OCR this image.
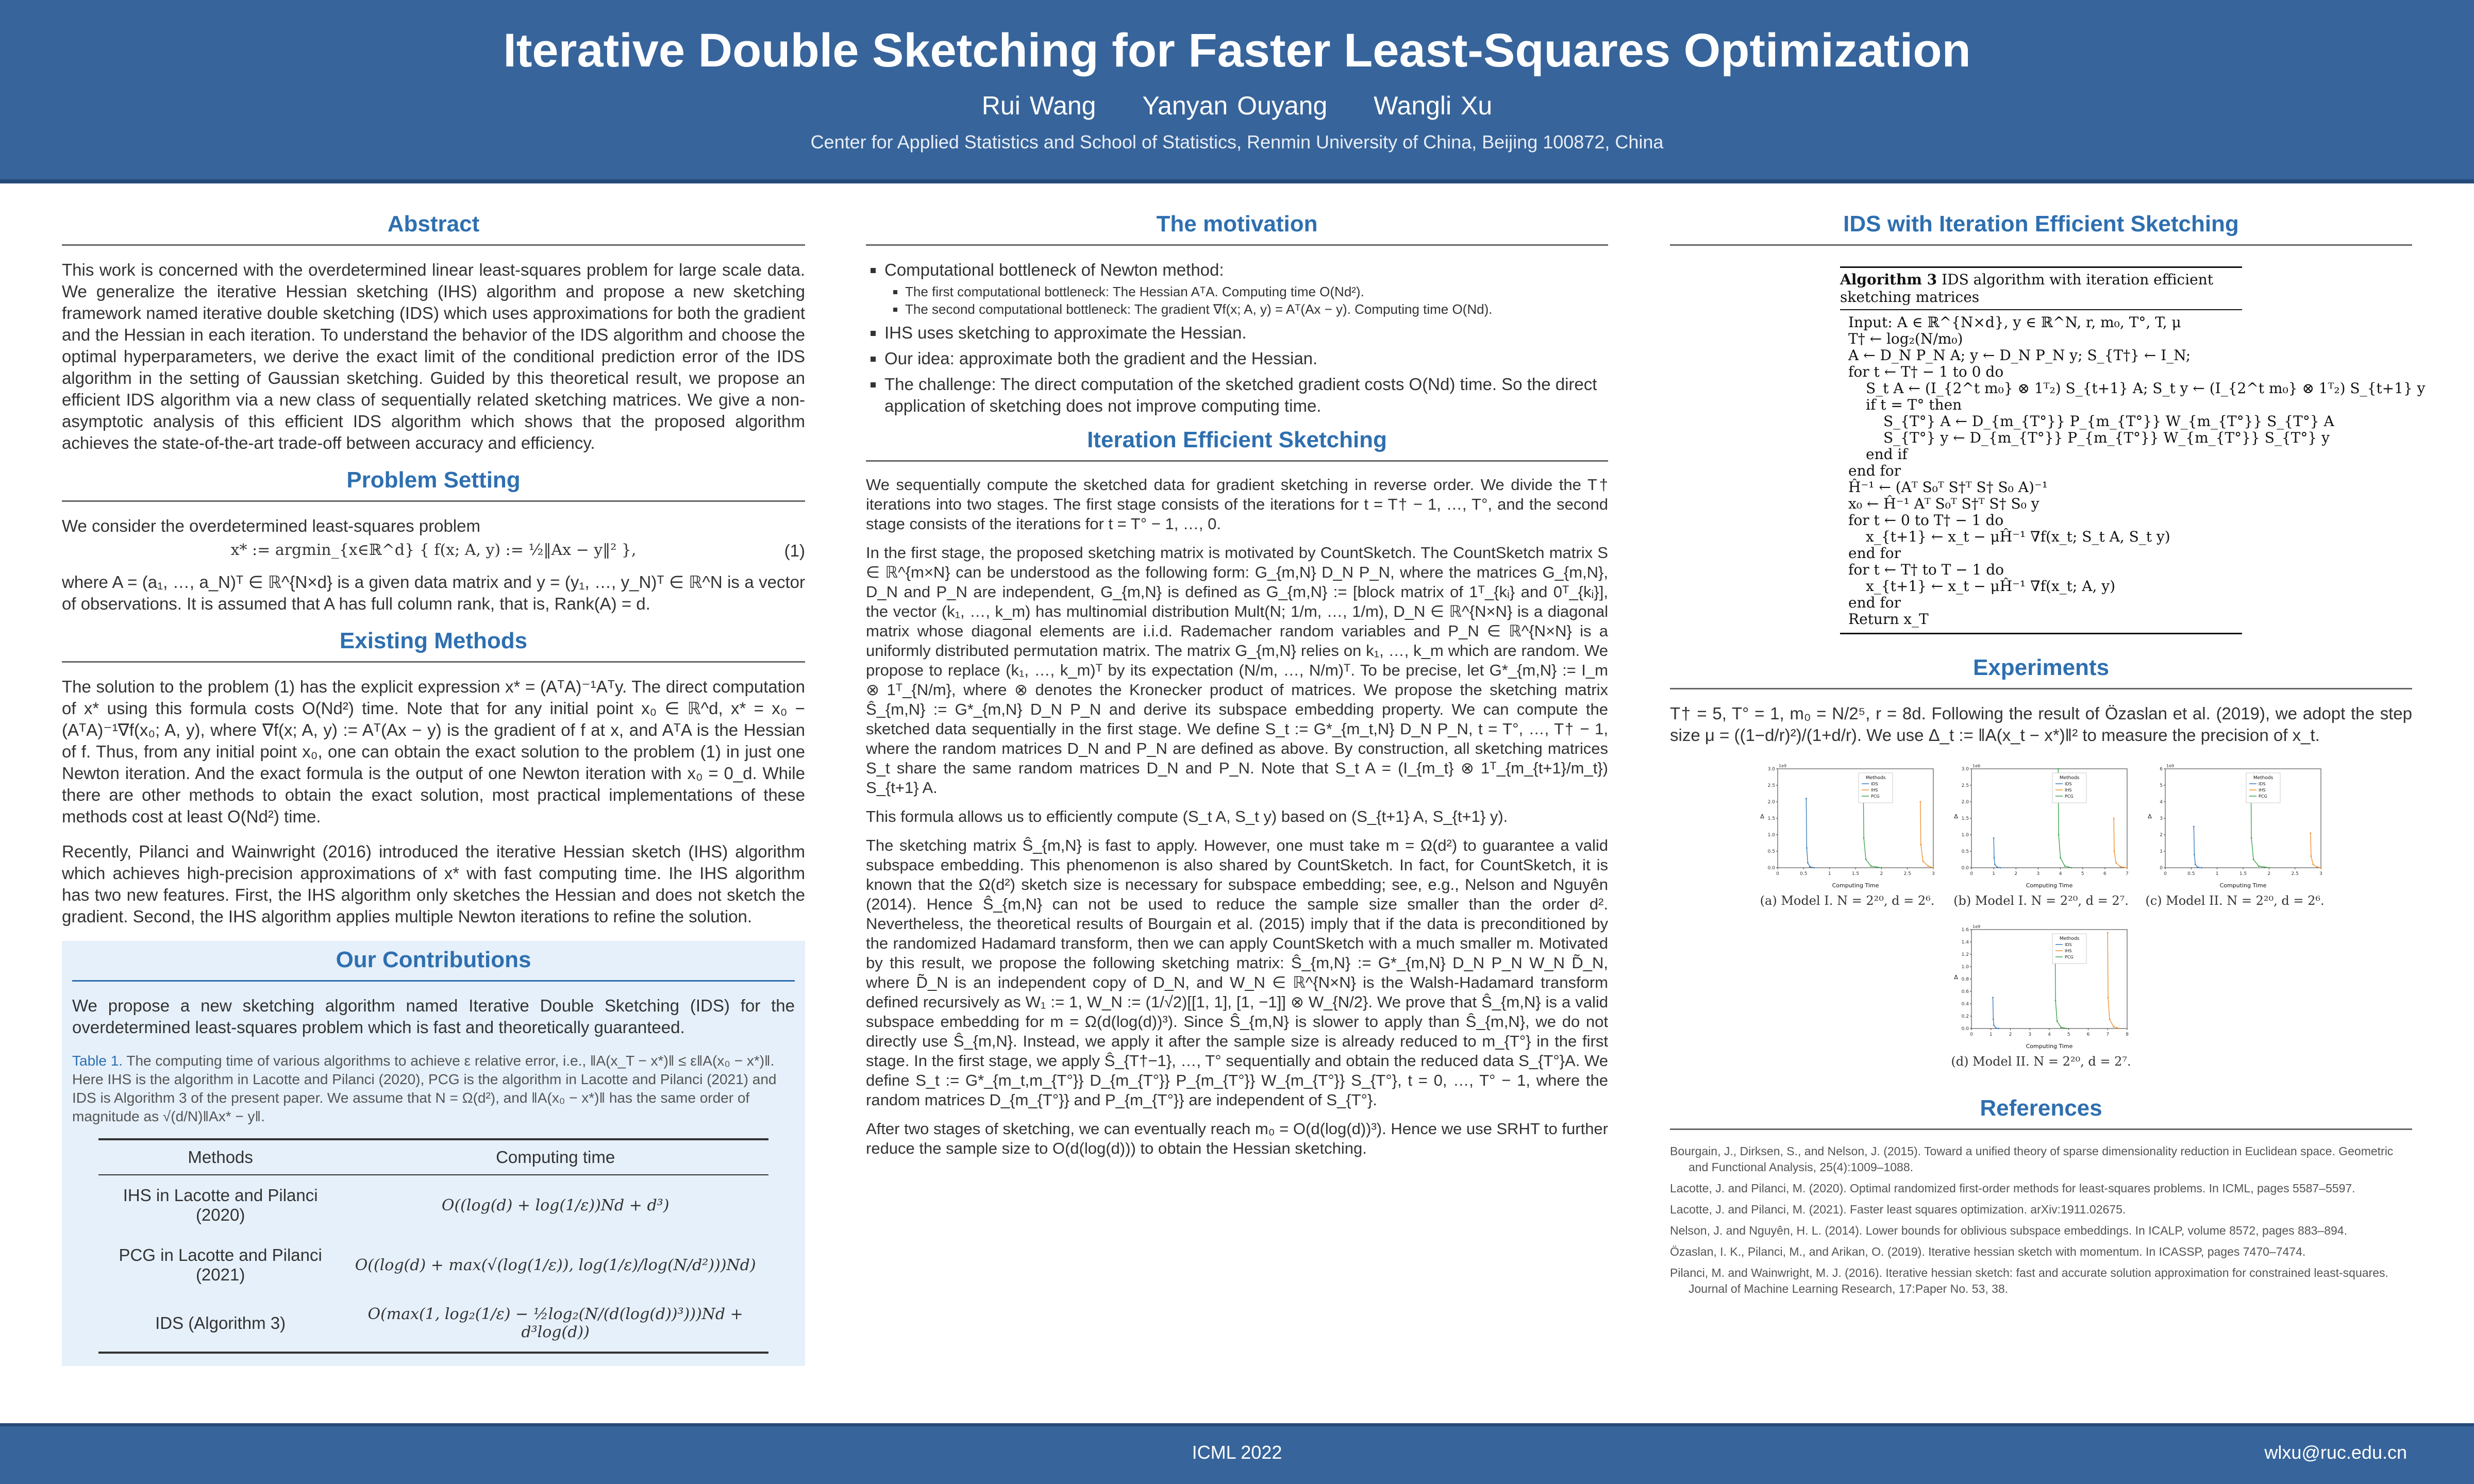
Iterative Double Sketching for Faster Least-Squares Optimization
Rui Wang Yanyan Ouyang Wangli Xu
Center for Applied Statistics and School of Statistics, Renmin University of China, Beijing 100872, China
Abstract

This work is concerned with the overdetermined linear least-squares problem for large scale data. We generalize the iterative Hessian sketching (IHS) algorithm and propose a new sketching framework named iterative double sketching (IDS) which uses approximations for both the gradient and the Hessian in each iteration. To understand the behavior of the IDS algorithm and choose the optimal hyperparameters, we derive the exact limit of the conditional prediction error of the IDS algorithm in the setting of Gaussian sketching. Guided by this theoretical result, we propose an efficient IDS algorithm via a new class of sequentially related sketching matrices. We give a non-asymptotic analysis of this efficient IDS algorithm which shows that the proposed algorithm achieves the state-of-the-art trade-off between accuracy and efficiency.

Problem Setting

We consider the overdetermined least-squares problem

x* := argmin_{x∈ℝ^d} { f(x; A, y) := ½‖Ax − y‖² },	(1)

where A = (a₁, …, a_N)ᵀ ∈ ℝ^{N×d} is a given data matrix and y = (y₁, …, y_N)ᵀ ∈ ℝ^N is a vector of observations. It is assumed that A has full column rank, that is, Rank(A) = d.

Existing Methods

The solution to the problem (1) has the explicit expression x* = (AᵀA)⁻¹Aᵀy. The direct computation of x* using this formula costs O(Nd²) time. Note that for any initial point x₀ ∈ ℝ^d, x* = x₀ − (AᵀA)⁻¹∇f(x₀; A, y), where ∇f(x; A, y) := Aᵀ(Ax − y) is the gradient of f at x, and AᵀA is the Hessian of f. Thus, from any initial point x₀, one can obtain the exact solution to the problem (1) in just one Newton iteration. And the exact formula is the output of one Newton iteration with x₀ = 0_d. While there are other methods to obtain the exact solution, most practical implementations of these methods cost at least O(Nd²) time.

Recently, Pilanci and Wainwright (2016) introduced the iterative Hessian sketch (IHS) algorithm which achieves high-precision approximations of x* with fast computing time. Ihe IHS algorithm has two new features. First, the IHS algorithm only sketches the Hessian and does not sketch the gradient. Second, the IHS algorithm applies multiple Newton iterations to refine the solution.

Our Contributions

We propose a new sketching algorithm named Iterative Double Sketching (IDS) for the overdetermined least-squares problem which is fast and theoretically guaranteed.

Table 1. The computing time of various algorithms to achieve ε relative error, i.e., ‖A(x_T − x*)‖ ≤ ε‖A(x₀ − x*)‖. Here IHS is the algorithm in Lacotte and Pilanci (2020), PCG is the algorithm in Lacotte and Pilanci (2021) and IDS is Algorithm 3 of the present paper. We assume that N = Ω(d²), and ‖A(x₀ − x*)‖ has the same order of magnitude as √(d/N)‖Ax* − y‖.
Methods	Computing time
IHS in Lacotte and Pilanci (2020)	O((log(d) + log(1/ε))Nd + d³)
PCG in Lacotte and Pilanci (2021)	O((log(d) + max(√(log(1/ε)), log(1/ε)/log(N/d²)))Nd)
IDS (Algorithm 3)	O(max(1, log₂(1/ε) − ½log₂(N/(d(log(d))³)))Nd + d³log(d))
The motivation
▪ Computational bottleneck of Newton method:
▪ The first computational bottleneck: The Hessian AᵀA. Computing time O(Nd²).
▪ The second computational bottleneck: The gradient ∇f(x; A, y) = Aᵀ(Ax − y). Computing time O(Nd).
▪ IHS uses sketching to approximate the Hessian.
▪ Our idea: approximate both the gradient and the Hessian.
▪ The challenge: The direct computation of the sketched gradient costs O(Nd) time. So the direct application of sketching does not improve computing time.
Iteration Efficient Sketching

We sequentially compute the sketched data for gradient sketching in reverse order. We divide the T† iterations into two stages. The first stage consists of the iterations for t = T† − 1, …, T°, and the second stage consists of the iterations for t = T° − 1, …, 0.

In the first stage, the proposed sketching matrix is motivated by CountSketch. The CountSketch matrix S ∈ ℝ^{m×N} can be understood as the following form: G_{m,N} D_N P_N, where the matrices G_{m,N}, D_N and P_N are independent, G_{m,N} is defined as G_{m,N} := [block matrix of 1ᵀ_{kᵢ} and 0ᵀ_{kᵢ}], the vector (k₁, …, k_m) has multinomial distribution Mult(N; 1/m, …, 1/m), D_N ∈ ℝ^{N×N} is a diagonal matrix whose diagonal elements are i.i.d. Rademacher random variables and P_N ∈ ℝ^{N×N} is a uniformly distributed permutation matrix. The matrix G_{m,N} relies on k₁, …, k_m which are random. We propose to replace (k₁, …, k_m)ᵀ by its expectation (N/m, …, N/m)ᵀ. To be precise, let G*_{m,N} := I_m ⊗ 1ᵀ_{N/m}, where ⊗ denotes the Kronecker product of matrices. We propose the sketching matrix Ŝ_{m,N} := G*_{m,N} D_N P_N and derive its subspace embedding property. We can compute the sketched data sequentially in the first stage. We define S_t := G*_{m_t,N} D_N P_N, t = T°, …, T† − 1, where the random matrices D_N and P_N are defined as above. By construction, all sketching matrices S_t share the same random matrices D_N and P_N. Note that S_t A = (I_{m_t} ⊗ 1ᵀ_{m_{t+1}/m_t}) S_{t+1} A.

This formula allows us to efficiently compute (S_t A, S_t y) based on (S_{t+1} A, S_{t+1} y).

The sketching matrix Ŝ_{m,N} is fast to apply. However, one must take m = Ω(d²) to guarantee a valid subspace embedding. This phenomenon is also shared by CountSketch. In fact, for CountSketch, it is known that the Ω(d²) sketch size is necessary for subspace embedding; see, e.g., Nelson and Nguyên (2014). Hence Ŝ_{m,N} can not be used to reduce the sample size smaller than the order d². Nevertheless, the theoretical results of Bourgain et al. (2015) imply that if the data is preconditioned by the randomized Hadamard transform, then we can apply CountSketch with a much smaller m. Motivated by this result, we propose the following sketching matrix: Ŝ_{m,N} := G*_{m,N} D_N P_N W_N D̃_N, where D̃_N is an independent copy of D_N, and W_N ∈ ℝ^{N×N} is the Walsh-Hadamard transform defined recursively as W₁ := 1, W_N := (1/√2)[[1, 1], [1, −1]] ⊗ W_{N/2}. We prove that Ŝ_{m,N} is a valid subspace embedding for m = Ω(d(log(d))³). Since Ŝ_{m,N} is slower to apply than Ŝ_{m,N}, we do not directly use Ŝ_{m,N}. Instead, we apply it after the sample size is already reduced to m_{T°} in the first stage. In the first stage, we apply Ŝ_{T†−1}, …, T° sequentially and obtain the reduced data S_{T°}A. We define S_t := G*_{m_t,m_{T°}} D_{m_{T°}} P_{m_{T°}} W_{m_{T°}} S_{T°}, t = 0, …, T° − 1, where the random matrices D_{m_{T°}} and P_{m_{T°}} are independent of S_{T°}.

After two stages of sketching, we can eventually reach m₀ = O(d(log(d))³). Hence we use SRHT to further reduce the sample size to O(d(log(d))) to obtain the Hessian sketching.

IDS with Iteration Efficient Sketching
Algorithm 3 IDS algorithm with iteration efficient sketching matrices
Input: A ∈ ℝ^{N×d}, y ∈ ℝ^N, r, m₀, T°, T, μ
T† ← log₂(N/m₀)
A ← D_N P_N A; y ← D_N P_N y; S_{T†} ← I_N;
for t ← T† − 1 to 0 do
S_t A ← (I_{2^t m₀} ⊗ 1ᵀ₂) S_{t+1} A; S_t y ← (I_{2^t m₀} ⊗ 1ᵀ₂) S_{t+1} y
if t = T° then
S_{T°} A ← D_{m_{T°}} P_{m_{T°}} W_{m_{T°}} S_{T°} A
S_{T°} y ← D_{m_{T°}} P_{m_{T°}} W_{m_{T°}} S_{T°} y
end if
end for
Ĥ⁻¹ ← (Aᵀ S₀ᵀ S†ᵀ S† S₀ A)⁻¹
x₀ ← Ĥ⁻¹ Aᵀ S₀ᵀ S†ᵀ S† S₀ y
for t ← 0 to T† − 1 do
x_{t+1} ← x_t − μĤ⁻¹ ∇f(x_t; S_t A, S_t y)
end for
for t ← T† to T − 1 do
x_{t+1} ← x_t − μĤ⁻¹ ∇f(x_t; A, y)
end for
Return x_T
Experiments

T† = 5, T° = 1, m₀ = N/2⁵, r = 8d. Following the result of Özaslan et al. (2019), we adopt the step size μ = ((1−d/r)²)/(1+d/r). We use Δ_t := ‖A(x_t − x*)‖² to measure the precision of x_t.

0.0
0.5
1.0
1.5
2.0
2.5
3.0
0	0.5	1	1.5	2	2.5	3
1e9
Computing Time
Δ
Methods
IDS
IHS
PCG
(a) Model I. N = 2²⁰, d = 2⁶.
0.0
0.5
1.0
1.5
2.0
2.5
3.0
0	1	2	3	4	5	6	7
1e6
Computing Time
Δ
Methods
IDS
IHS
PCG
(b) Model I. N = 2²⁰, d = 2⁷.
0
1
2
3
4
5
6
0	0.5	1	1.5	2	2.5	3
1e9
Computing Time
Δ
Methods
IDS
IHS
PCG
(c) Model II. N = 2²⁰, d = 2⁶.
0.0
0.2
0.4
0.6
0.8
1.0
1.2
1.4
1.6
0	1	2	3	4	5	6	7	8
1e9
Computing Time
Δ
Methods
IDS
IHS
PCG
(d) Model II. N = 2²⁰, d = 2⁷.
References

Bourgain, J., Dirksen, S., and Nelson, J. (2015). Toward a unified theory of sparse dimensionality reduction in Euclidean space. Geometric and Functional Analysis, 25(4):1009–1088.

Lacotte, J. and Pilanci, M. (2020). Optimal randomized first-order methods for least-squares problems. In ICML, pages 5587–5597.

Lacotte, J. and Pilanci, M. (2021). Faster least squares optimization. arXiv:1911.02675.

Nelson, J. and Nguyên, H. L. (2014). Lower bounds for oblivious subspace embeddings. In ICALP, volume 8572, pages 883–894.

Özaslan, I. K., Pilanci, M., and Arikan, O. (2019). Iterative hessian sketch with momentum. In ICASSP, pages 7470–7474.

Pilanci, M. and Wainwright, M. J. (2016). Iterative hessian sketch: fast and accurate solution approximation for constrained least-squares. Journal of Machine Learning Research, 17:Paper No. 53, 38.

ICML 2022	wlxu@ruc.edu.cn
